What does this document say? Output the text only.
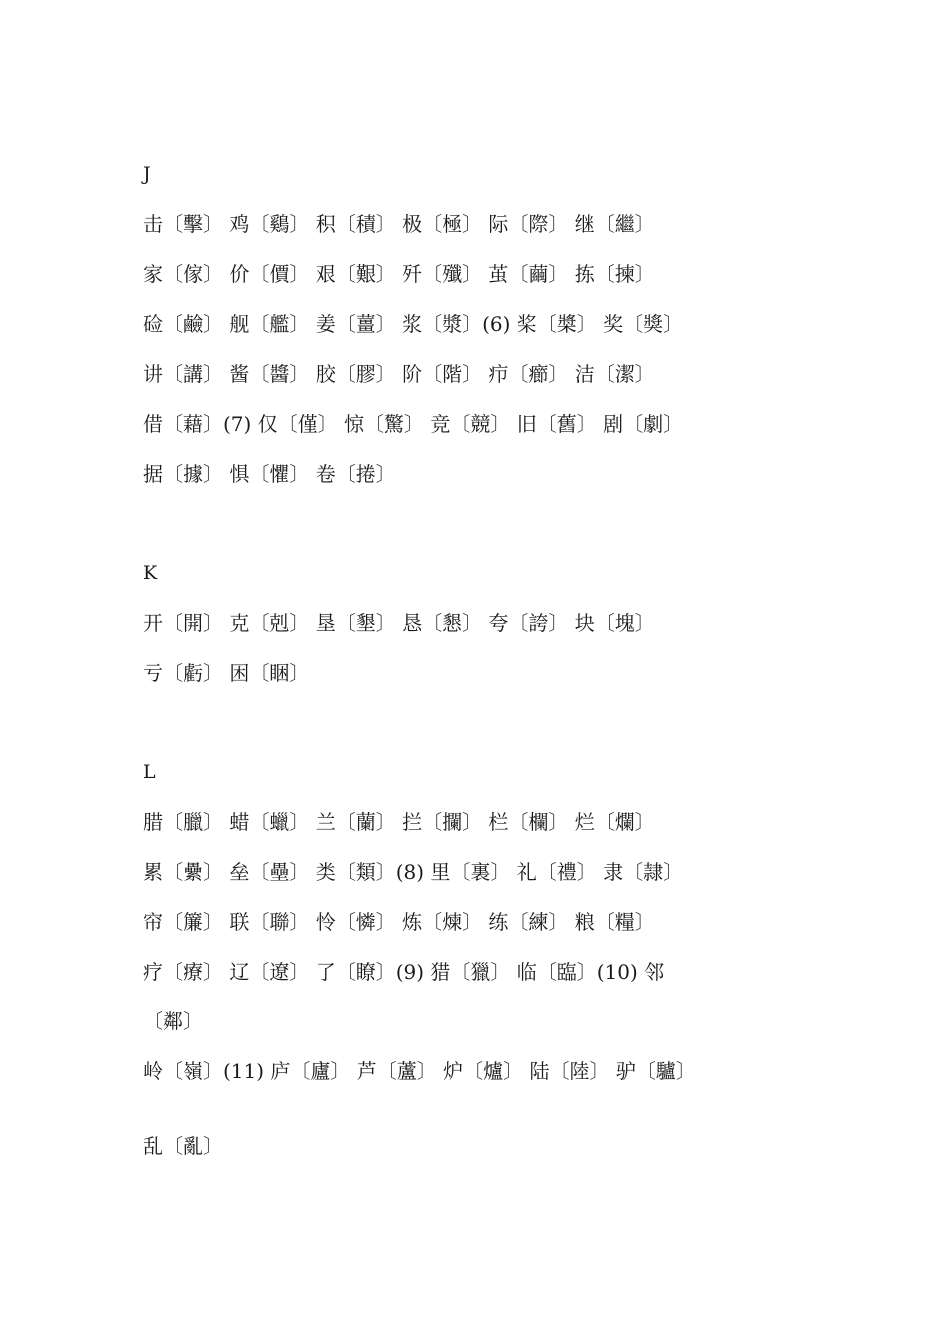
J
击〔擊〕 鸡〔鷄〕 积〔積〕 极〔極〕 际〔際〕 继〔繼〕
家〔傢〕 价〔價〕 艰〔艱〕 歼〔殲〕 茧〔繭〕 拣〔揀〕
硷〔鹼〕 舰〔艦〕 姜〔薑〕 浆〔漿〕(6) 桨〔槳〕 奖〔獎〕
讲〔講〕 酱〔醬〕 胶〔膠〕 阶〔階〕 疖〔癤〕 洁〔潔〕
借〔藉〕(7) 仅〔僅〕 惊〔驚〕 竞〔競〕 旧〔舊〕 剧〔劇〕
据〔據〕 惧〔懼〕 卷〔捲〕
K
开〔開〕 克〔剋〕 垦〔墾〕 恳〔懇〕 夸〔誇〕 块〔塊〕
亏〔虧〕 困〔睏〕
L
腊〔臘〕 蜡〔蠟〕 兰〔蘭〕 拦〔攔〕 栏〔欄〕 烂〔爛〕
累〔纍〕 垒〔壘〕 类〔類〕(8) 里〔裏〕 礼〔禮〕 隶〔隷〕
帘〔簾〕 联〔聯〕 怜〔憐〕 炼〔煉〕 练〔練〕 粮〔糧〕
疗〔療〕 辽〔遼〕 了〔瞭〕(9) 猎〔獵〕 临〔臨〕(10) 邻
〔鄰〕
岭〔嶺〕(11) 庐〔廬〕 芦〔蘆〕 炉〔爐〕 陆〔陸〕 驴〔驢〕
乱〔亂〕
